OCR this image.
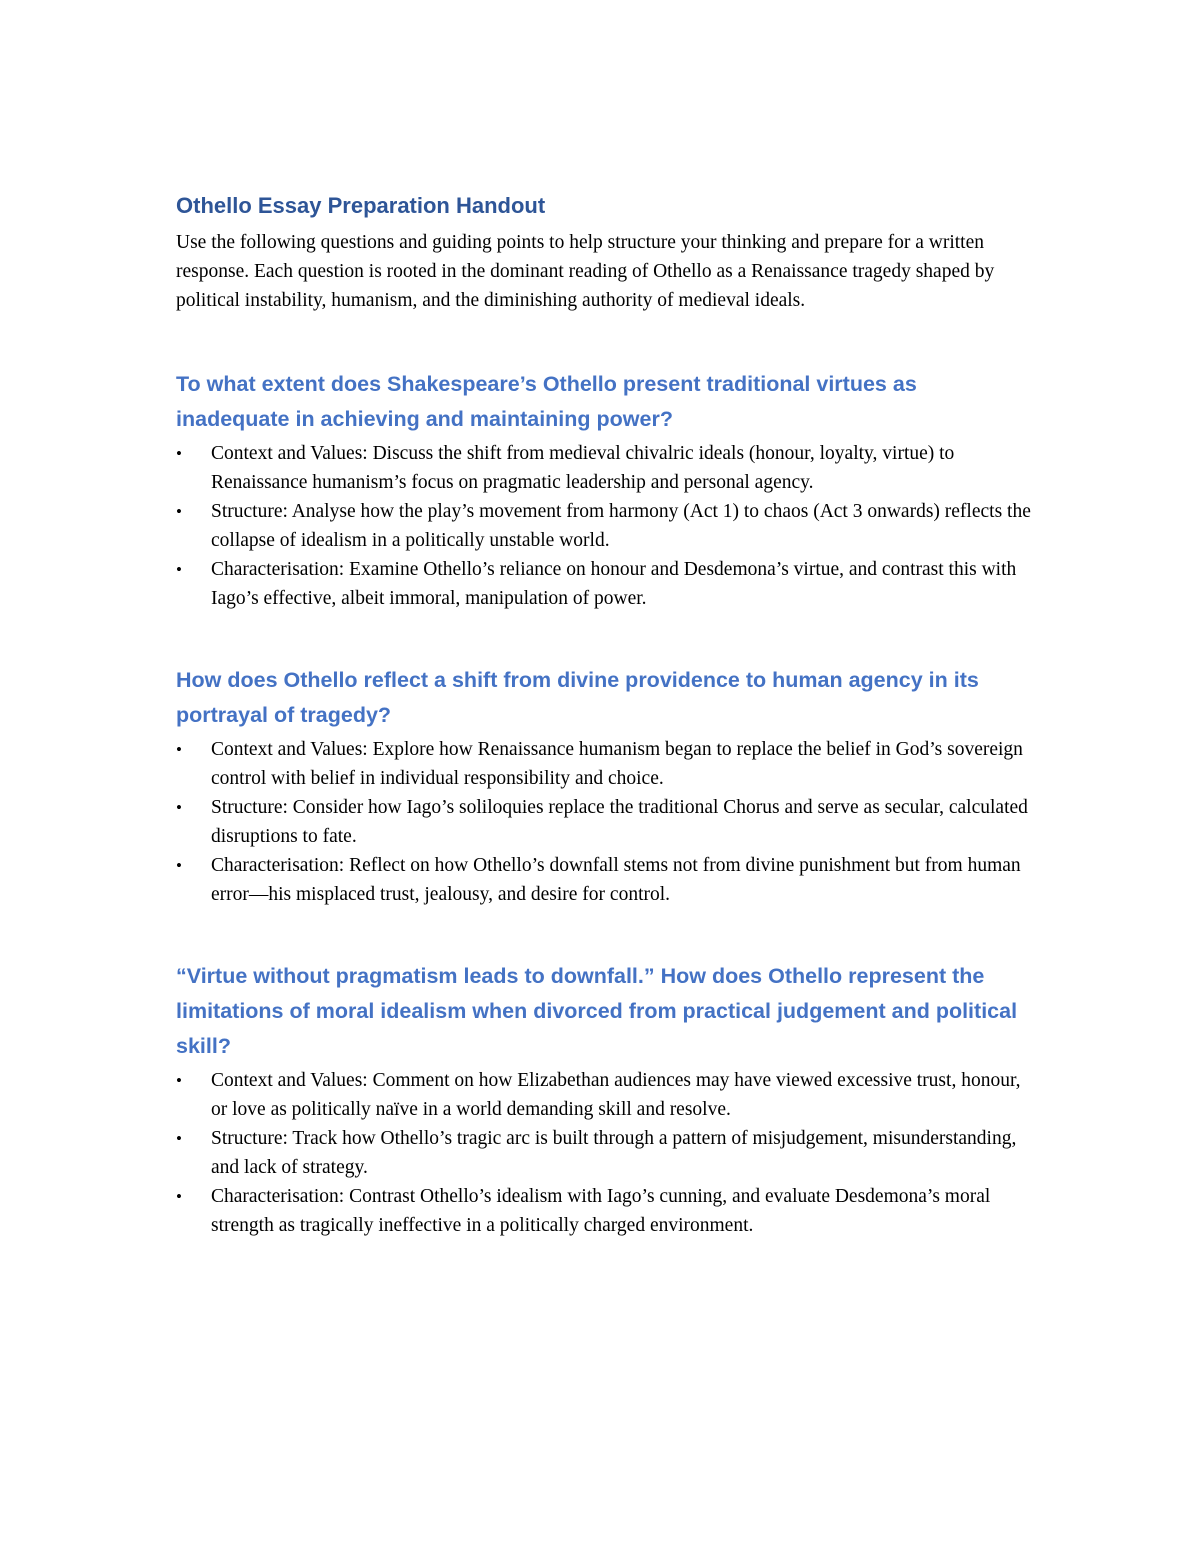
Othello Essay Preparation Handout

Use the following questions and guiding points to help structure your thinking and prepare for a written response. Each question is rooted in the dominant reading of Othello as a Renaissance tragedy shaped by political instability, humanism, and the diminishing authority of medieval ideals.

To what extent does Shakespeare’s Othello present traditional virtues as inadequate in achieving and maintaining power?
•	Context and Values: Discuss the shift from medieval chivalric ideals (honour, loyalty, virtue) to Renaissance humanism’s focus on pragmatic leadership and personal agency.
•	Structure: Analyse how the play’s movement from harmony (Act 1) to chaos (Act 3 onwards) reflects the collapse of idealism in a politically unstable world.
•	Characterisation: Examine Othello’s reliance on honour and Desdemona’s virtue, and contrast this with Iago’s effective, albeit immoral, manipulation of power.
How does Othello reflect a shift from divine providence to human agency in its portrayal of tragedy?
•	Context and Values: Explore how Renaissance humanism began to replace the belief in God’s sovereign control with belief in individual responsibility and choice.
•	Structure: Consider how Iago’s soliloquies replace the traditional Chorus and serve as secular, calculated disruptions to fate.
•	Characterisation: Reflect on how Othello’s downfall stems not from divine punishment but from human error—his misplaced trust, jealousy, and desire for control.
“Virtue without pragmatism leads to downfall.” How does Othello represent the limitations of moral idealism when divorced from practical judgement and political skill?
•	Context and Values: Comment on how Elizabethan audiences may have viewed excessive trust, honour, or love as politically naïve in a world demanding skill and resolve.
•	Structure: Track how Othello’s tragic arc is built through a pattern of misjudgement, misunderstanding, and lack of strategy.
•	Characterisation: Contrast Othello’s idealism with Iago’s cunning, and evaluate Desdemona’s moral strength as tragically ineffective in a politically charged environment.
